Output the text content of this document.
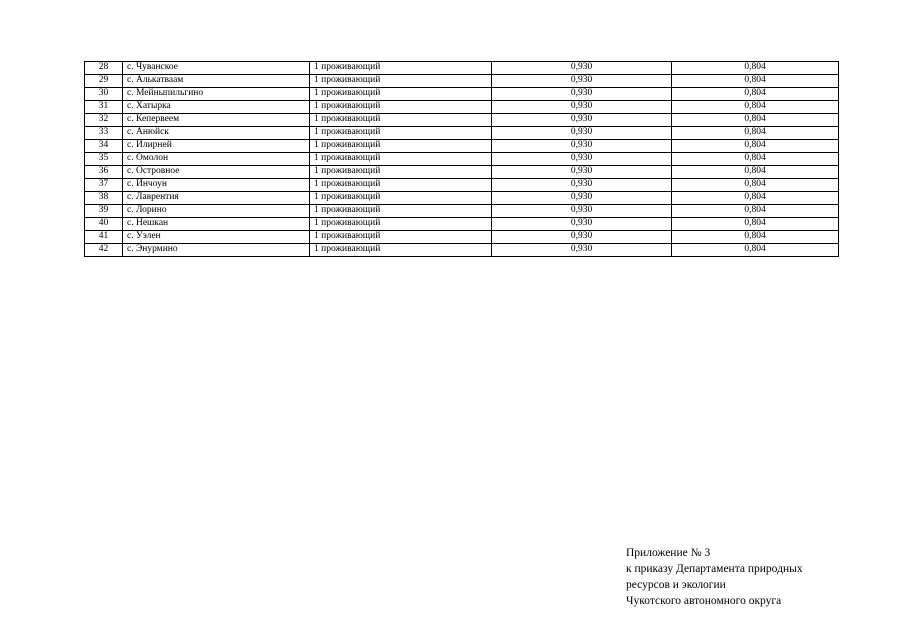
28	с. Чуванское	1 проживающий	0,930	0,804
29	с. Алькатваам	1 проживающий	0,930	0,804
30	с. Мейныпильгино	1 проживающий	0,930	0,804
31	с. Хатырка	1 проживающий	0,930	0,804
32	с. Кепервеем	1 проживающий	0,930	0,804
33	с. Анюйск	1 проживающий	0,930	0,804
34	с. Илирней	1 проживающий	0,930	0,804
35	с. Омолон	1 проживающий	0,930	0,804
36	с. Островное	1 проживающий	0,930	0,804
37	с. Инчоун	1 проживающий	0,930	0,804
38	с. Лаврентия	1 проживающий	0,930	0,804
39	с. Лорино	1 проживающий	0,930	0,804
40	с. Нешкан	1 проживающий	0,930	0,804
41	с. Уэлен	1 проживающий	0,930	0,804
42	с. Энурмино	1 проживающий	0,930	0,804
Приложение № 3
к приказу Департамента природных
ресурсов и экологии
Чукотского автономного округа
